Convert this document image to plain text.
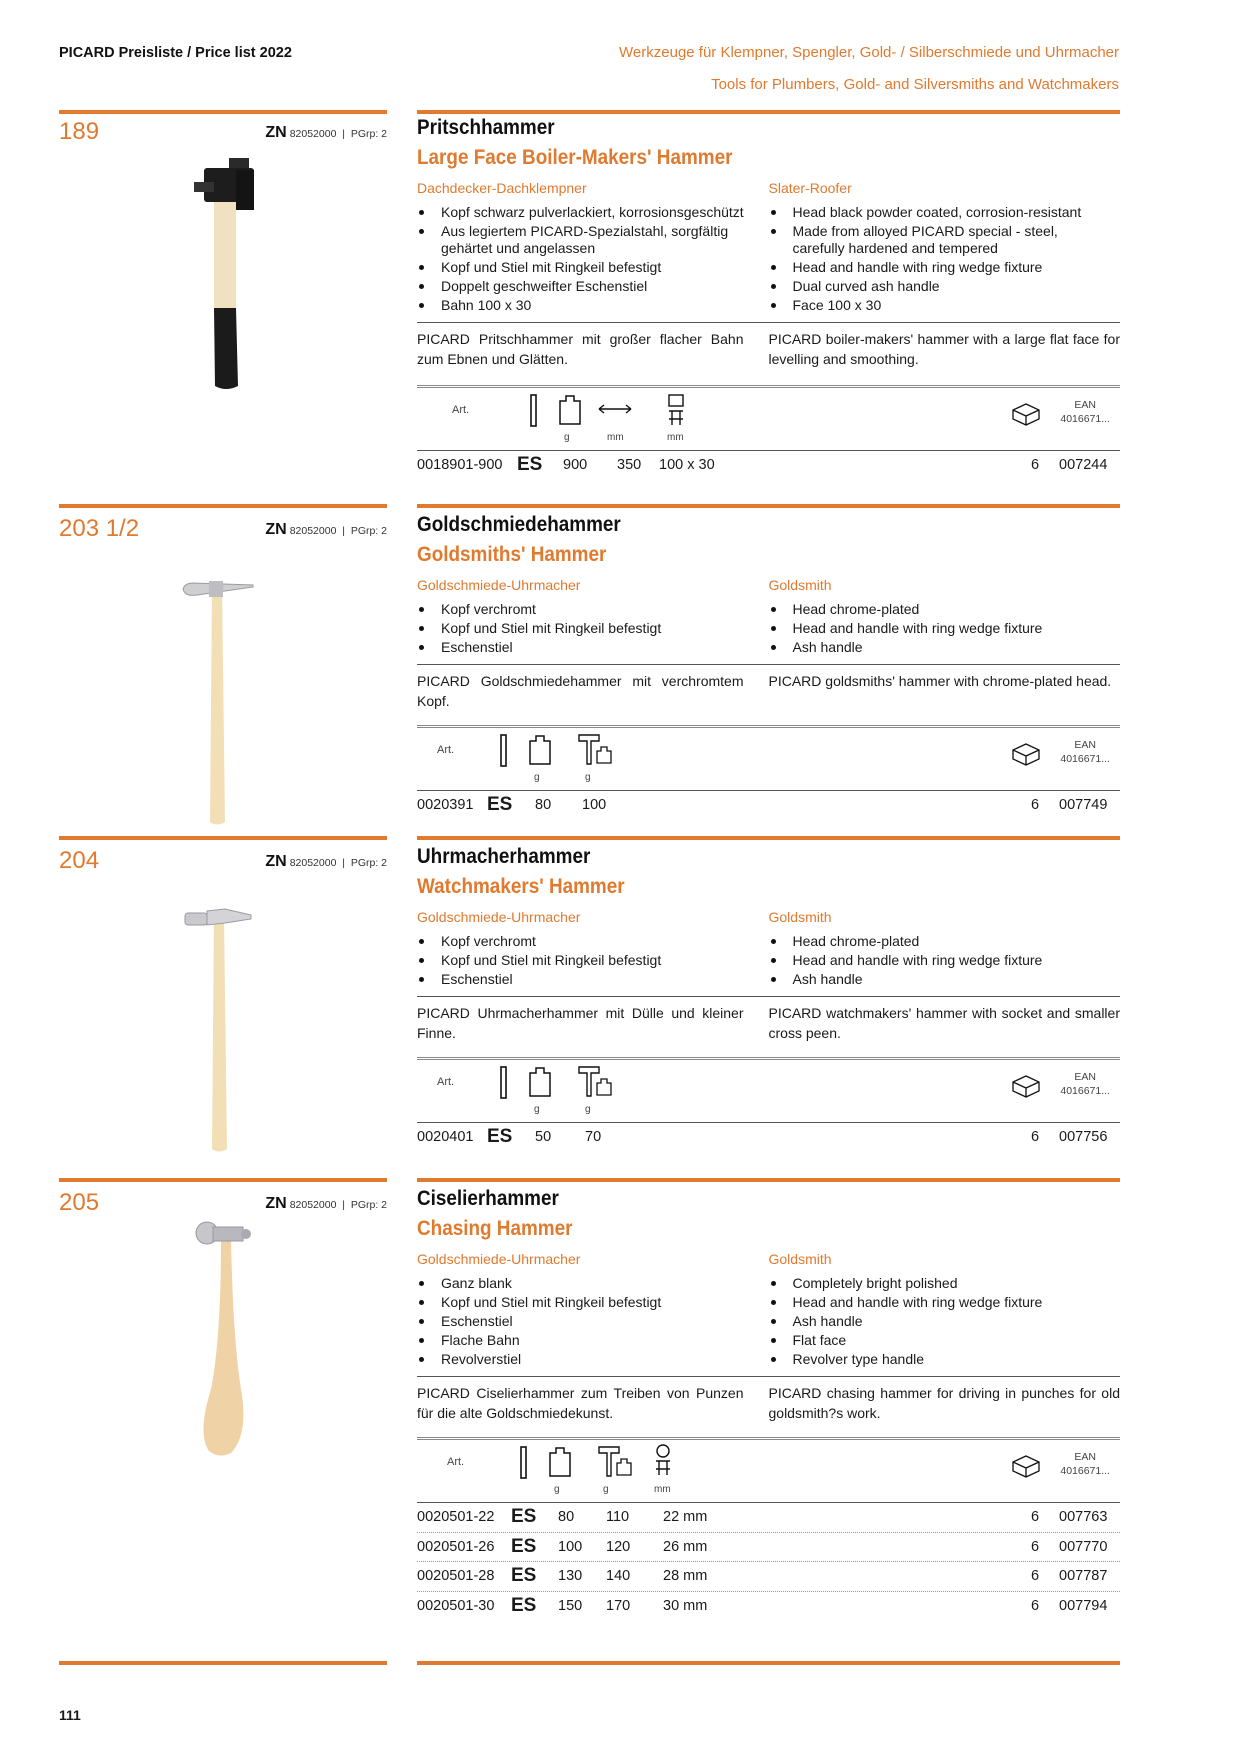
PICARD Preisliste / Price list 2022	Werkzeuge für Klempner, Spengler, Gold- / Silberschmiede und Uhrmacher
Tools for Plumbers, Gold- and Silversmiths and Watchmakers
189	ZN 82052000  |  PGrp: 2 Pritschhammer
Large Face Boiler-Makers' Hammer
Dachdecker-Dachklempner
Kopf schwarz pulverlackiert, korrosionsgeschützt
Aus legiertem PICARD-Spezialstahl, sorgfältig gehärtet und angelassen
Kopf und Stiel mit Ringkeil befestigt
Doppelt geschweifter Eschenstiel
Bahn 100 x 30
Slater-Roofer
Head black powder coated, corrosion-resistant
Made from alloyed PICARD special - steel, carefully hardened and tempered
Head and handle with ring wedge fixture
Dual curved ash handle
Face 100 x 30
PICARD Pritschhammer mit großer flacher Bahn zum Ebnen und Glätten.
PICARD boiler-makers' hammer with a large flat face for levelling and smoothing.
Art.
g	mm	mm
EAN
4016671...
0018901-900 ES 900 350 100 x 30	6 007244
203 1/2	ZN 82052000  |  PGrp: 2 Goldschmiedehammer
Goldsmiths' Hammer
Goldschmiede-Uhrmacher
Kopf verchromt
Kopf und Stiel mit Ringkeil befestigt
Eschenstiel
Goldsmith
Head chrome-plated
Head and handle with ring wedge fixture
Ash handle
PICARD Goldschmiedehammer mit verchromtem Kopf.
PICARD goldsmiths' hammer with chrome-plated head.
Art.
g	g
EAN
4016671...
0020391 ES 80 100	6 007749
204	ZN 82052000  |  PGrp: 2 Uhrmacherhammer
Watchmakers' Hammer
Goldschmiede-Uhrmacher
Kopf verchromt
Kopf und Stiel mit Ringkeil befestigt
Eschenstiel
Goldsmith
Head chrome-plated
Head and handle with ring wedge fixture
Ash handle
PICARD Uhrmacherhammer mit Dülle und kleiner Finne.
PICARD watchmakers' hammer with socket and smaller cross peen.
Art.
g	g
EAN
4016671...
0020401 ES 50 70	6 007756
205	ZN 82052000  |  PGrp: 2 Ciselierhammer
Chasing Hammer
Goldschmiede-Uhrmacher
Ganz blank
Kopf und Stiel mit Ringkeil befestigt
Eschenstiel
Flache Bahn
Revolverstiel
Goldsmith
Completely bright polished
Head and handle with ring wedge fixture
Ash handle
Flat face
Revolver type handle
PICARD Ciselierhammer zum Treiben von Punzen für die alte Goldschmiedekunst.
PICARD chasing hammer for driving in punches for old goldsmith?s work.
Art.
g	g	mm
EAN
4016671...
0020501-22 ES 80 110 22 mm	6 007763
0020501-26 ES 100 120 26 mm	6 007770
0020501-28 ES 130 140 28 mm	6 007787
0020501-30 ES 150 170 30 mm	6 007794
111
